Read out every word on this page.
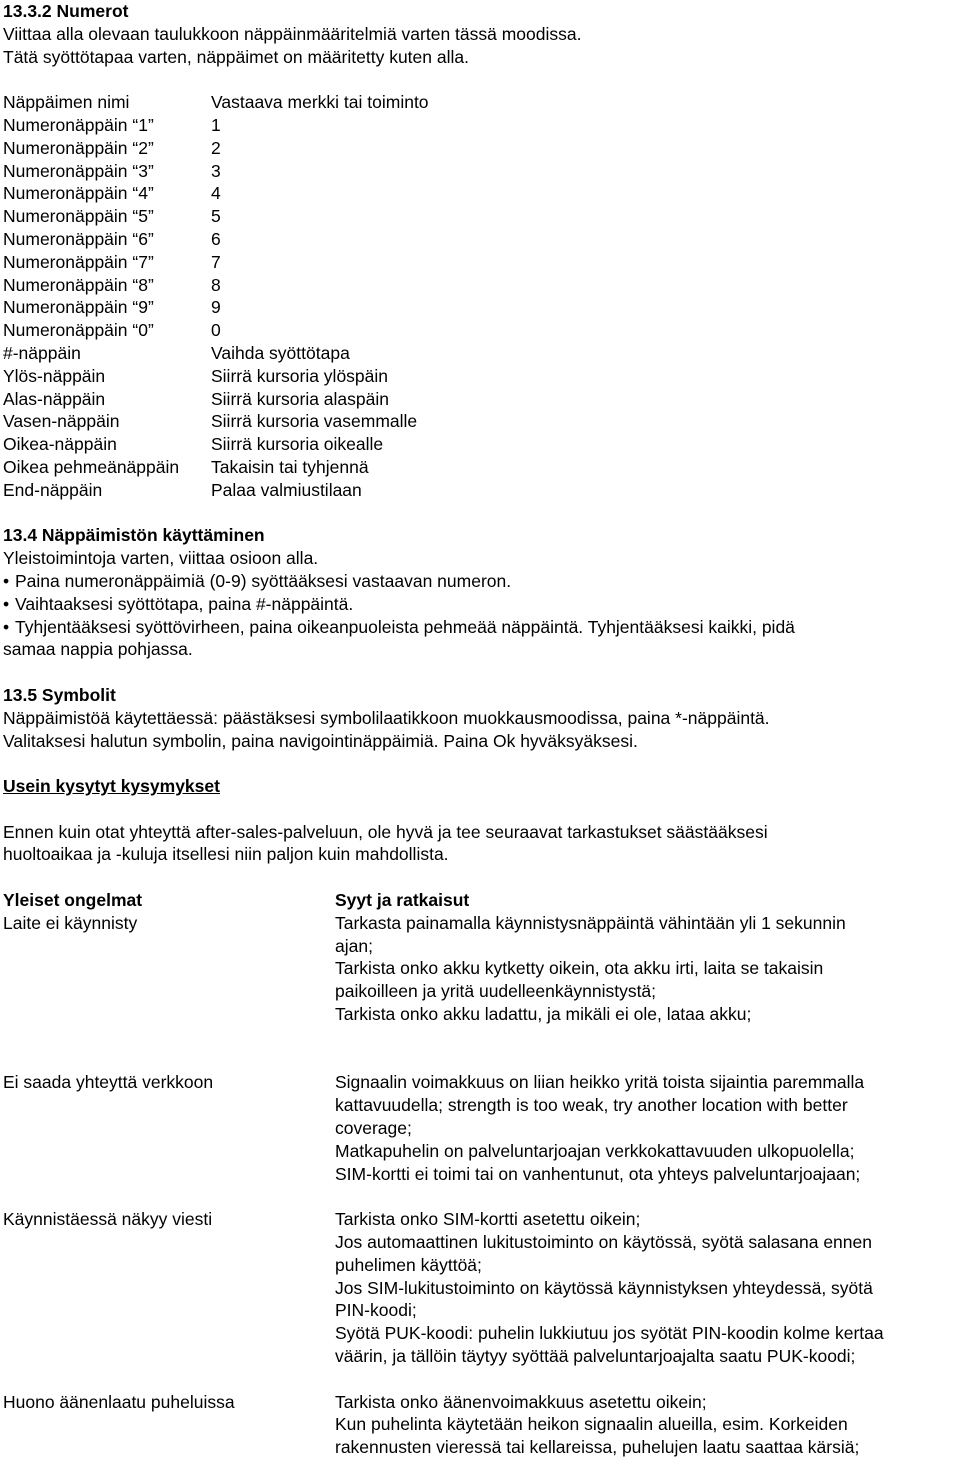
13.3.2 Numerot
Viittaa alla olevaan taulukkoon näppäinmääritelmiä varten tässä moodissa.
Tätä syöttötapaa varten, näppäimet on määritetty kuten alla.
Näppäimen nimi	Vastaava merkki tai toiminto
Numeronäppäin “1”	1
Numeronäppäin “2”	2
Numeronäppäin “3”	3
Numeronäppäin “4”	4
Numeronäppäin “5”	5
Numeronäppäin “6”	6
Numeronäppäin “7”	7
Numeronäppäin “8”	8
Numeronäppäin “9”	9
Numeronäppäin “0”	0
#-näppäin	Vaihda syöttötapa
Ylös-näppäin	Siirrä kursoria ylöspäin
Alas-näppäin	Siirrä kursoria alaspäin
Vasen-näppäin	Siirrä kursoria vasemmalle
Oikea-näppäin	Siirrä kursoria oikealle
Oikea pehmeänäppäin	Takaisin tai tyhjennä
End-näppäin	Palaa valmiustilaan
13.4 Näppäimistön käyttäminen
Yleistoimintoja varten, viittaa osioon alla.
• Paina numeronäppäimiä (0-9) syöttääksesi vastaavan numeron.
• Vaihtaaksesi syöttötapa, paina #-näppäintä.
• Tyhjentääksesi syöttövirheen, paina oikeanpuoleista pehmeää näppäintä. Tyhjentääksesi kaikki, pidä
samaa nappia pohjassa.
13.5 Symbolit
Näppäimistöä käytettäessä: päästäksesi symbolilaatikkoon muokkausmoodissa, paina *-näppäintä.
Valitaksesi halutun symbolin, paina navigointinäppäimiä. Paina Ok hyväksyäksesi.
Usein kysytyt kysymykset
Ennen kuin otat yhteyttä after-sales-palveluun, ole hyvä ja tee seuraavat tarkastukset säästääksesi
huoltoaikaa ja -kuluja itsellesi niin paljon kuin mahdollista.
Yleiset ongelmat	Syyt ja ratkaisut
Laite ei käynnisty	Tarkasta painamalla käynnistysnäppäintä vähintään yli 1 sekunnin
ajan;
Tarkista onko akku kytketty oikein, ota akku irti, laita se takaisin
paikoilleen ja yritä uudelleenkäynnistystä;
Tarkista onko akku ladattu, ja mikäli ei ole, lataa akku;
Ei saada yhteyttä verkkoon	Signaalin voimakkuus on liian heikko yritä toista sijaintia paremmalla
kattavuudella; strength is too weak, try another location with better
coverage;
Matkapuhelin on palveluntarjoajan verkkokattavuuden ulkopuolella;
SIM-kortti ei toimi tai on vanhentunut, ota yhteys palveluntarjoajaan;
Käynnistäessä näkyy viesti	Tarkista onko SIM-kortti asetettu oikein;
Jos automaattinen lukitustoiminto on käytössä, syötä salasana ennen
puhelimen käyttöä;
Jos SIM-lukitustoiminto on käytössä käynnistyksen yhteydessä, syötä
PIN-koodi;
Syötä PUK-koodi: puhelin lukkiutuu jos syötät PIN-koodin kolme kertaa
väärin, ja tällöin täytyy syöttää palveluntarjoajalta saatu PUK-koodi;
Huono äänenlaatu puheluissa	Tarkista onko äänenvoimakkuus asetettu oikein;
Kun puhelinta käytetään heikon signaalin alueilla, esim. Korkeiden
rakennusten vieressä tai kellareissa, puhelujen laatu saattaa kärsiä;
